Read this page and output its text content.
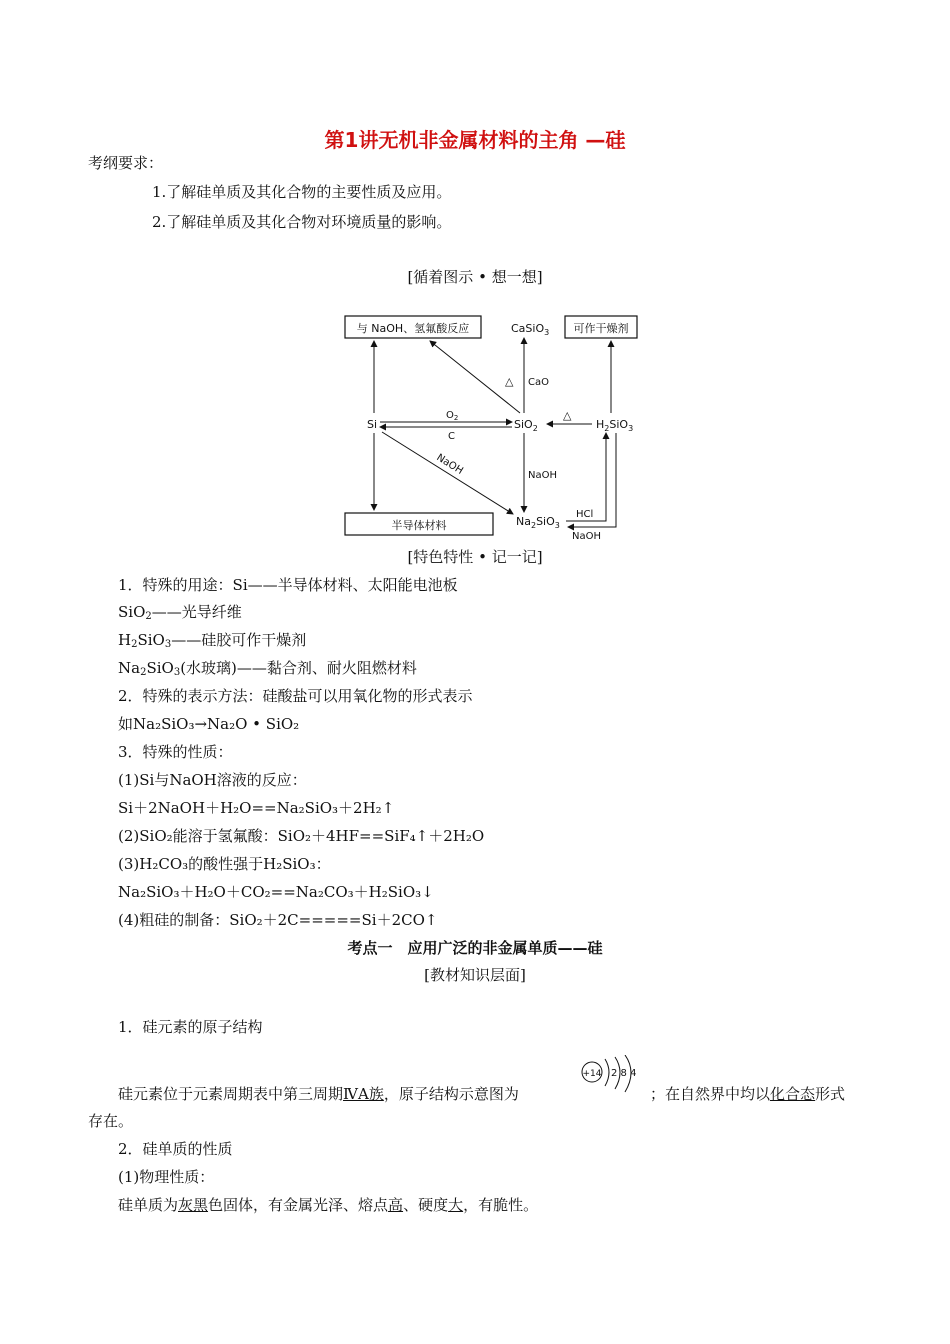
第1讲无机非金属材料的主角 —硅
考纲要求：
1.了解硅单质及其化合物的主要性质及应用。
2.了解硅单质及其化合物对环境质量的影响。
[循着图示 • 想一想]
与 NaOH、氢氟酸反应	可作干燥剂
半导体材料
Si	SiO$_2$
CaSiO$_3$
$H_2SiO_3$
$Na_2SiO_3$
$O_2$
C
△ CaO
△
NaOH	NaOH
HCl
NaOH
[特色特性 • 记一记]
1．特殊的用途：Si——半导体材料、太阳能电池板
SiO$_2$——光导纤维
$H_2SiO_3——$硅胶可作干燥剂
$Na_2SiO_3$(水玻璃)——黏合剂、耐火阻燃材料
2．特殊的表示方法：硅酸盐可以用氧化物的形式表示
如Na₂SiO₃→Na₂O • SiO₂
3．特殊的性质：
(1)Si与NaOH溶液的反应：
Si＋2NaOH＋H₂O==Na₂SiO₃＋2H₂↑
(2)SiO₂能溶于氢氟酸：SiO₂＋4HF==SiF₄↑＋2H₂O
(3)H₂CO₃的酸性强于H₂SiO₃：
Na₂SiO₃＋H₂O＋CO₂==Na₂CO₃＋H₂SiO₃↓
(4)粗硅的制备：SiO₂＋2C=====Si＋2CO↑
考点一　应用广泛的非金属单质——硅
[教材知识层面]
1．硅元素的原子结构
硅元素位于元素周期表中第三周期ⅣA族，原子结构示意图为
+14 2 8 4
；在自然界中均以化合态形式
存在。
2．硅单质的性质
(1)物理性质：
硅单质为灰黑色固体，有金属光泽、熔点高、硬度大，有脆性。
